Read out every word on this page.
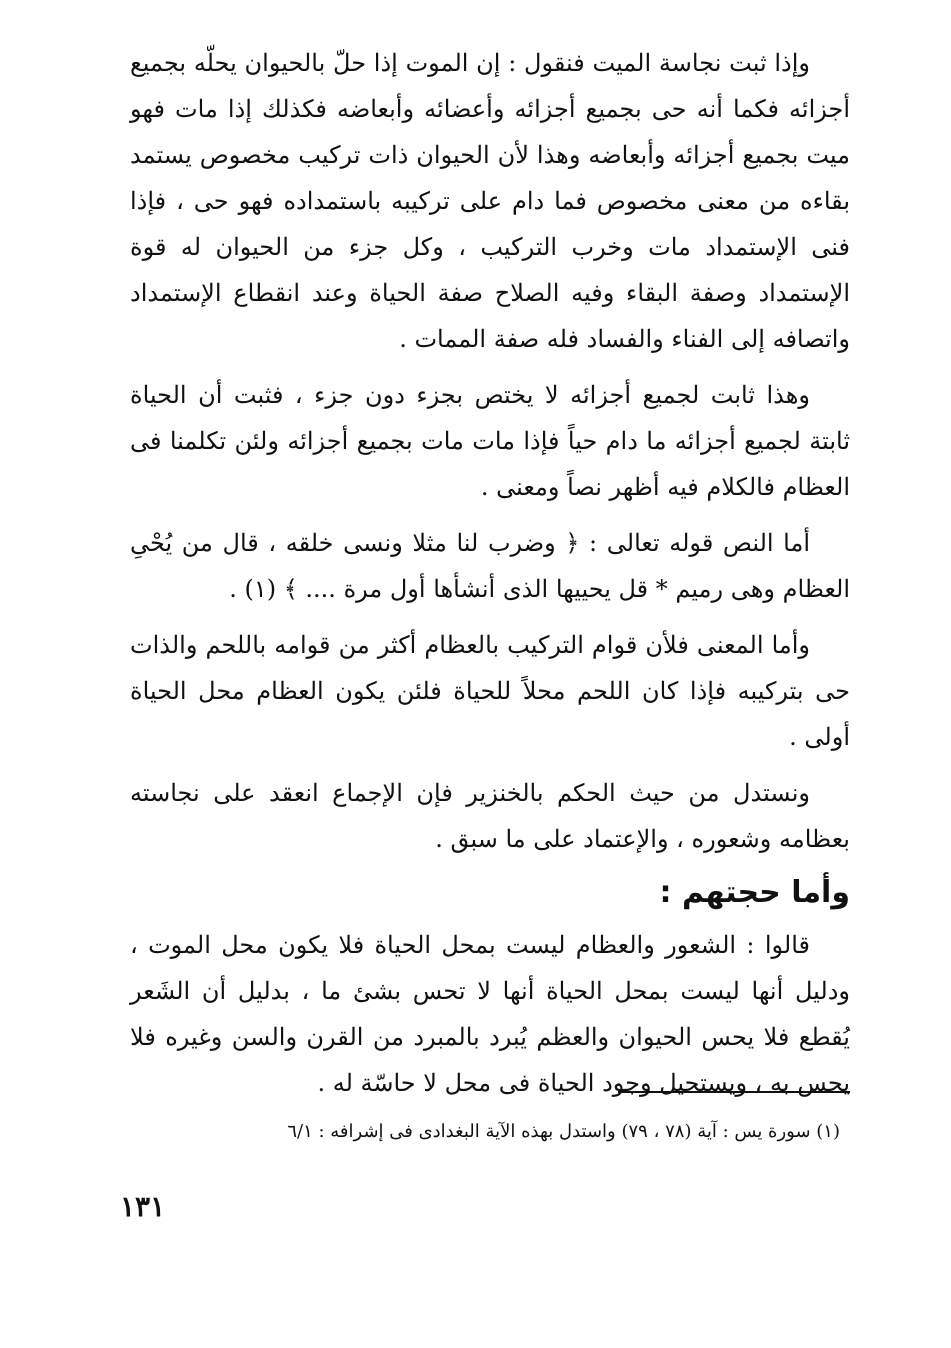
وإذا ثبت نجاسة الميت فنقول : إن الموت إذا حلّ بالحيوان يحلّه بجميع أجزائه فكما أنه حى بجميع أجزائه وأعضائه وأبعاضه فكذلك إذا مات فهو ميت بجميع أجزائه وأبعاضه وهذا لأن الحيوان ذات تركيب مخصوص يستمد بقاءه من معنى مخصوص فما دام على تركيبه باستمداده فهو حى ، فإذا فنى الإستمداد مات وخرب التركيب ، وكل جزء من الحيوان له قوة الإستمداد وصفة البقاء وفيه الصلاح صفة الحياة وعند انقطاع الإستمداد واتصافه إلى الفناء والفساد فله صفة الممات .

وهذا ثابت لجميع أجزائه لا يختص بجزء دون جزء ، فثبت أن الحياة ثابتة لجميع أجزائه ما دام حياً فإذا مات مات بجميع أجزائه ولئن تكلمنا فى العظام فالكلام فيه أظهر نصاً ومعنى .

أما النص قوله تعالى : ﴿ وضرب لنا مثلا ونسى خلقه ، قال من يُحْىِ العظام وهى رميم * قل يحييها الذى أنشأها أول مرة .... ﴾ (١) .

وأما المعنى فلأن قوام التركيب بالعظام أكثر من قوامه باللحم والذات حى بتركيبه فإذا كان اللحم محلاً للحياة فلئن يكون العظام محل الحياة أولى .

ونستدل من حيث الحكم بالخنزير فإن الإجماع انعقد على نجاسته بعظامه وشعوره ، والإعتماد على ما سبق .

وأما حجتهم :

قالوا : الشعور والعظام ليست بمحل الحياة فلا يكون محل الموت ، ودليل أنها ليست بمحل الحياة أنها لا تحس بشئ ما ، بدليل أن الشَعر يُقطع فلا يحس الحيوان والعظم يُبرد بالمبرد من القرن والسن وغيره فلا يحس به ، ويستحيل وجود الحياة فى محل لا حاسّة له .

(١) سورة يس : آية (٧٨ ، ٧٩) واستدل بهذه الآية البغدادى فى إشرافه : ٦/١
١٣١
